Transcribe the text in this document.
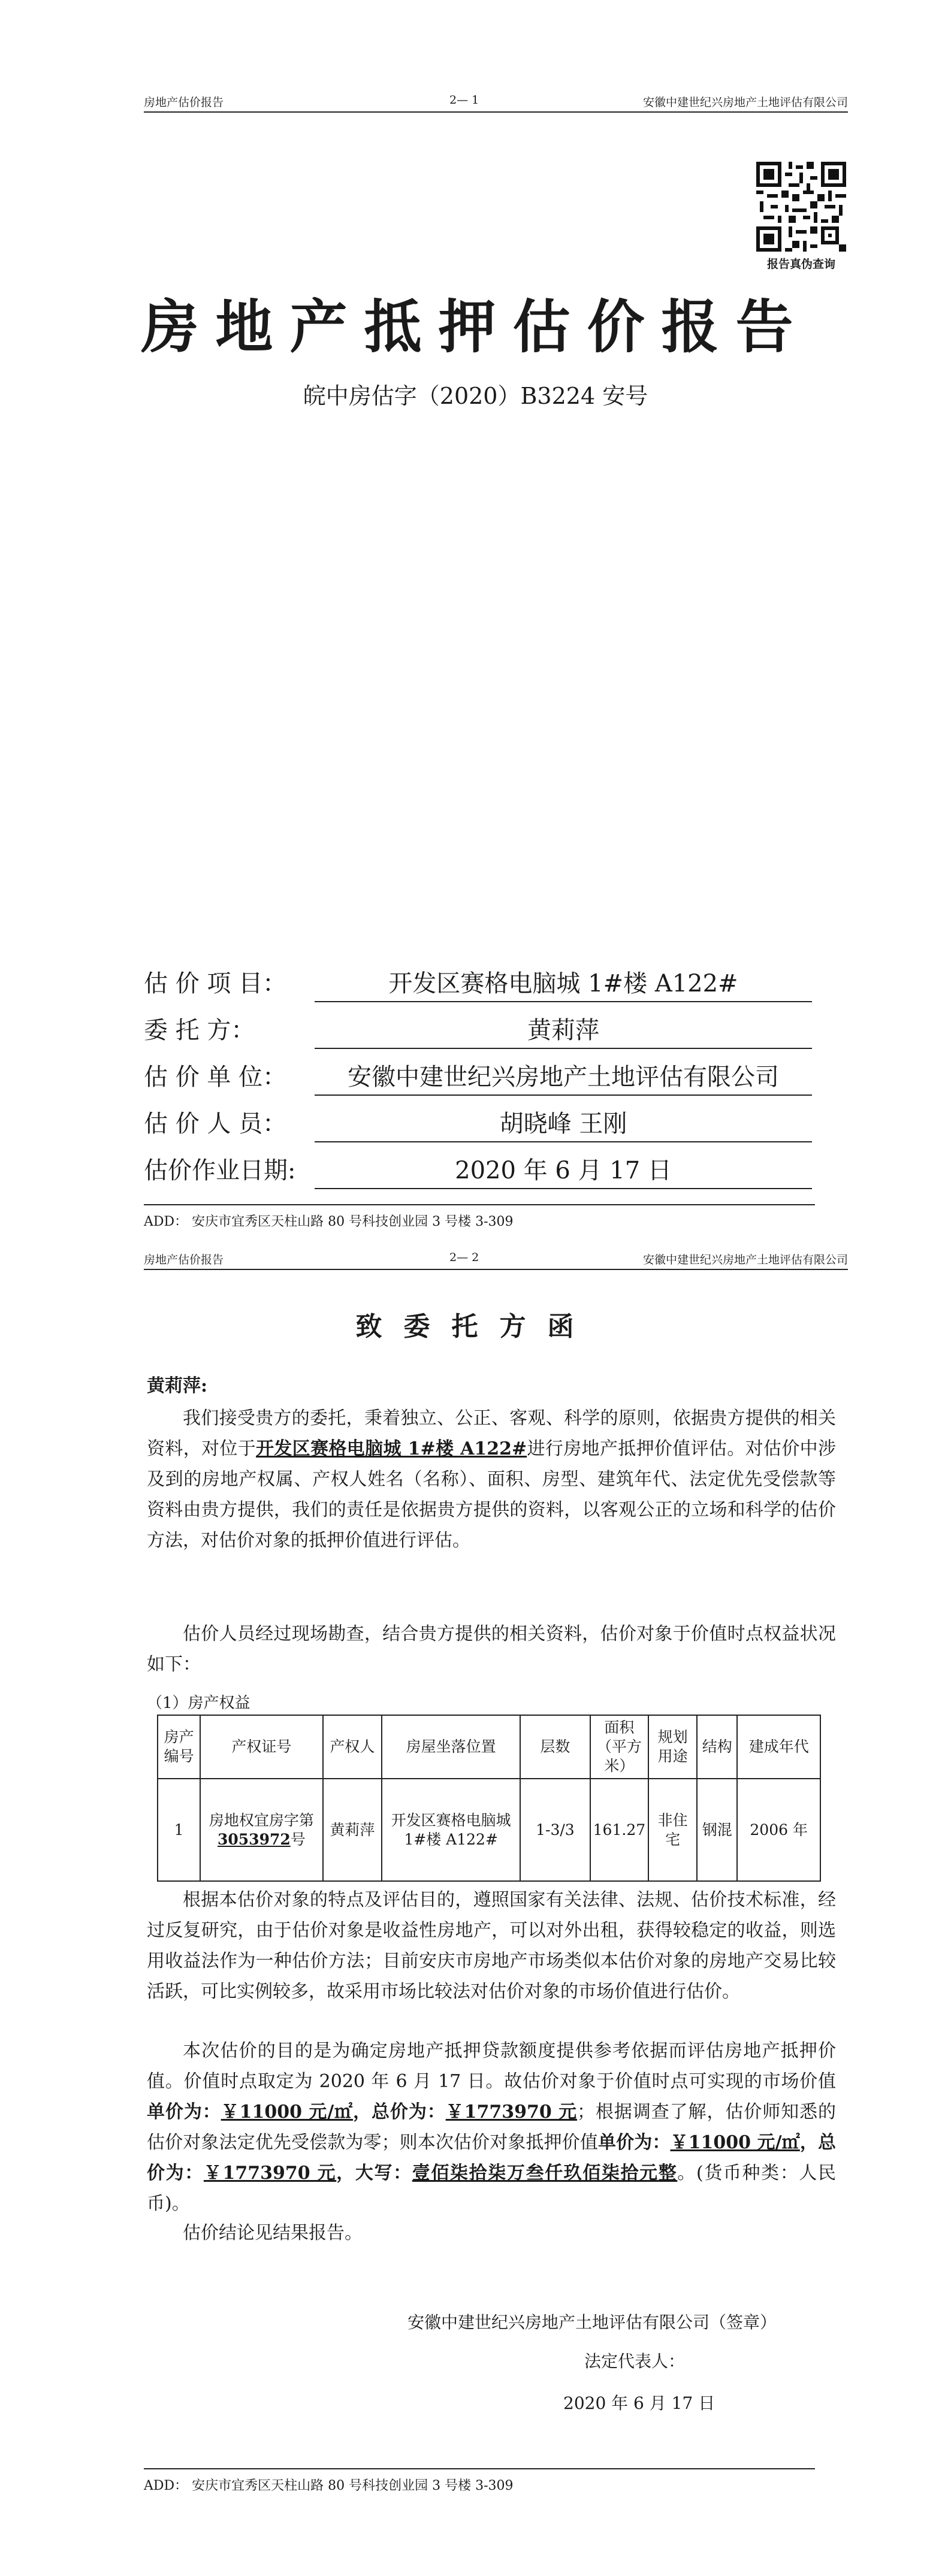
房地产估价报告	2— 1	安徽中建世纪兴房地产土地评估有限公司
报告真伪查询
房地产抵押估价报告
皖中房估字（2020）B3224 安号
估 价 项 目：	开发区赛格电脑城 1#楼 A122#
委 托 方：	黄莉萍
估 价 单 位：	安徽中建世纪兴房地产土地评估有限公司
估 价 人 员：	胡晓峰 王刚
估价作业日期:	2020 年 6 月 17 日
ADD： 安庆市宜秀区天柱山路 80 号科技创业园 3 号楼 3-309
房地产估价报告	2— 2	安徽中建世纪兴房地产土地评估有限公司
致委托方函
黄莉萍:
我们接受贵方的委托，秉着独立、公正、客观、科学的原则，依据贵方提供的相关资料，对位于开发区赛格电脑城 1#楼 A122#进行房地产抵押价值评估。对估价中涉及到的房地产权属、产权人姓名（名称）、面积、房型、建筑年代、法定优先受偿款等资料由贵方提供，我们的责任是依据贵方提供的资料，以客观公正的立场和科学的估价方法，对估价对象的抵押价值进行评估。
估价人员经过现场勘查，结合贵方提供的相关资料，估价对象于价值时点权益状况如下：
（1）房产权益
房产编号	产权证号	产权人	房屋坐落位置	层数	面积（平方米）	规划用途	结构	建成年代
1	房地权宜房字第3053972号	黄莉萍	开发区赛格电脑城 1#楼 A122#	1-3/3	161.27	非住宅	钢混	2006 年
根据本估价对象的特点及评估目的，遵照国家有关法律、法规、估价技术标准，经过反复研究，由于估价对象是收益性房地产，可以对外出租，获得较稳定的收益，则选用收益法作为一种估价方法；目前安庆市房地产市场类似本估价对象的房地产交易比较活跃，可比实例较多，故采用市场比较法对估价对象的市场价值进行估价。
本次估价的目的是为确定房地产抵押贷款额度提供参考依据而评估房地产抵押价值。价值时点取定为 2020 年 6 月 17 日。故估价对象于价值时点可实现的市场价值单价为：￥11000 元/㎡，总价为：￥1773970 元；根据调查了解，估价师知悉的估价对象法定优先受偿款为零；则本次估价对象抵押价值单价为：￥11000 元/㎡，总价为：￥1773970 元，大写：壹佰柒拾柒万叁仟玖佰柒拾元整。(货币种类：人民币)。
估价结论见结果报告。
安徽中建世纪兴房地产土地评估有限公司（签章）
法定代表人：
2020 年 6 月 17 日
ADD： 安庆市宜秀区天柱山路 80 号科技创业园 3 号楼 3-309
